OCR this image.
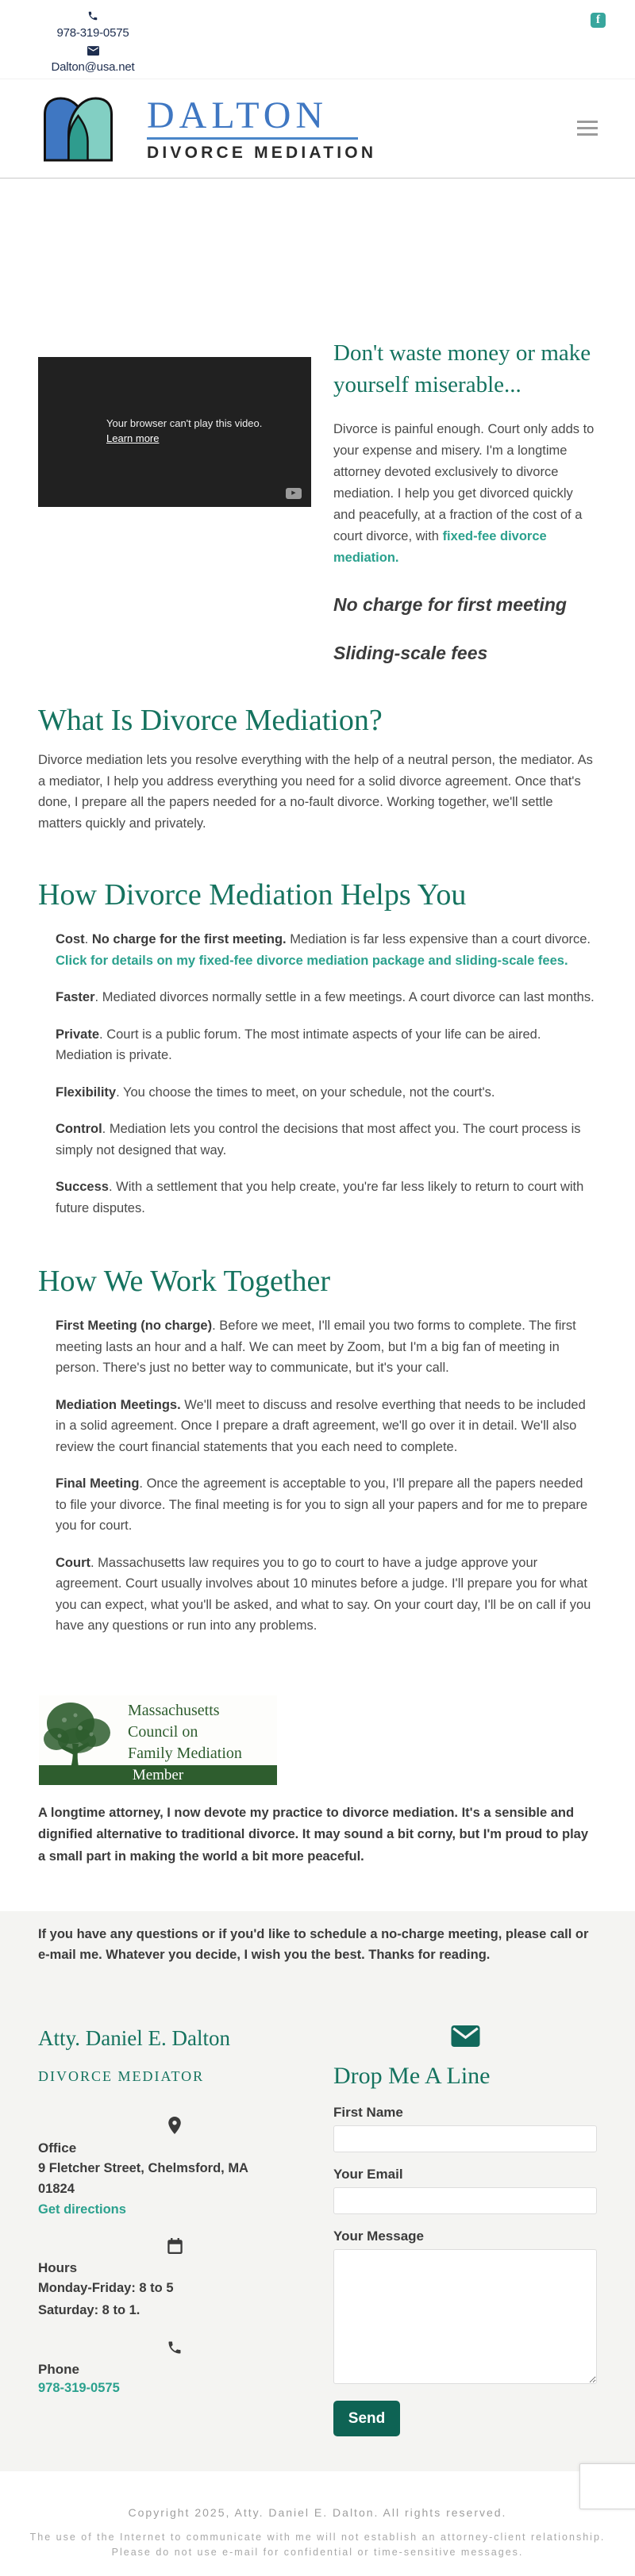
978-319-0575
Dalton@usa.net
f
DALTON
DIVORCE MEDIATION
Your browser can't play this video.
Learn more
▶
Don't waste money or make yourself miserable...

Divorce is painful enough. Court only adds to your expense and misery. I'm a longtime attorney devoted exclusively to divorce mediation. I help you get divorced quickly and peacefully, at a fraction of the cost of a court divorce, with fixed-fee divorce mediation.

No charge for first meeting
Sliding-scale fees
What Is Divorce Mediation?

Divorce mediation lets you resolve everything with the help of a neutral person, the mediator. As a mediator, I help you address everything you need for a solid divorce agreement. Once that's done, I prepare all the papers needed for a no-fault divorce. Working together, we'll settle matters quickly and privately.

How Divorce Mediation Helps You

Cost. No charge for the first meeting. Mediation is far less expensive than a court divorce. Click for details on my fixed-fee divorce mediation package and sliding-scale fees.

Faster. Mediated divorces normally settle in a few meetings. A court divorce can last months.

Private. Court is a public forum. The most intimate aspects of your life can be aired. Mediation is private.

Flexibility. You choose the times to meet, on your schedule, not the court's.

Control. Mediation lets you control the decisions that most affect you. The court process is simply not designed that way.

Success. With a settlement that you help create, you're far less likely to return to court with future disputes.

How We Work Together

First Meeting (no charge). Before we meet, I'll email you two forms to complete. The first meeting lasts an hour and a half. We can meet by Zoom, but I'm a big fan of meeting in person. There's just no better way to communicate, but it's your call.

Mediation Meetings. We'll meet to discuss and resolve everthing that needs to be included in a solid agreement. Once I prepare a draft agreement, we'll go over it in detail. We'll also review the court financial statements that you each need to complete.

Final Meeting. Once the agreement is acceptable to you, I'll prepare all the papers needed to file your divorce. The final meeting is for you to sign all your papers and for me to prepare you for court.

Court. Massachusetts law requires you to go to court to have a judge approve your agreement. Court usually involves about 10 minutes before a judge. I'll prepare you for what you can expect, what you'll be asked, and what to say. On your court day, I'll be on call if you have any questions or run into any problems.

Massachusetts
Council on
Family Mediation
Member

A longtime attorney, I now devote my practice to divorce mediation. It's a sensible and dignified alternative to traditional divorce. It may sound a bit corny, but I'm proud to play a small part in making the world a bit more peaceful.

If you have any questions or if you'd like to schedule a no-charge meeting, please call or e-mail me. Whatever you decide, I wish you the best. Thanks for reading.

Atty. Daniel E. Dalton
DIVORCE MEDIATOR
Office
9 Fletcher Street, Chelmsford, MA 01824
Get directions
Hours
Monday-Friday: 8 to 5
Saturday: 8 to 1.
Phone
978-319-0575
Drop Me A Line
First Name
Your Email
Your Message
Send
Copyright 2025, Atty. Daniel E. Dalton. All rights reserved.
The use of the Internet to communicate with me will not establish an attorney-client relationship.
Please do not use e-mail for confidential or time-sensitive messages.
